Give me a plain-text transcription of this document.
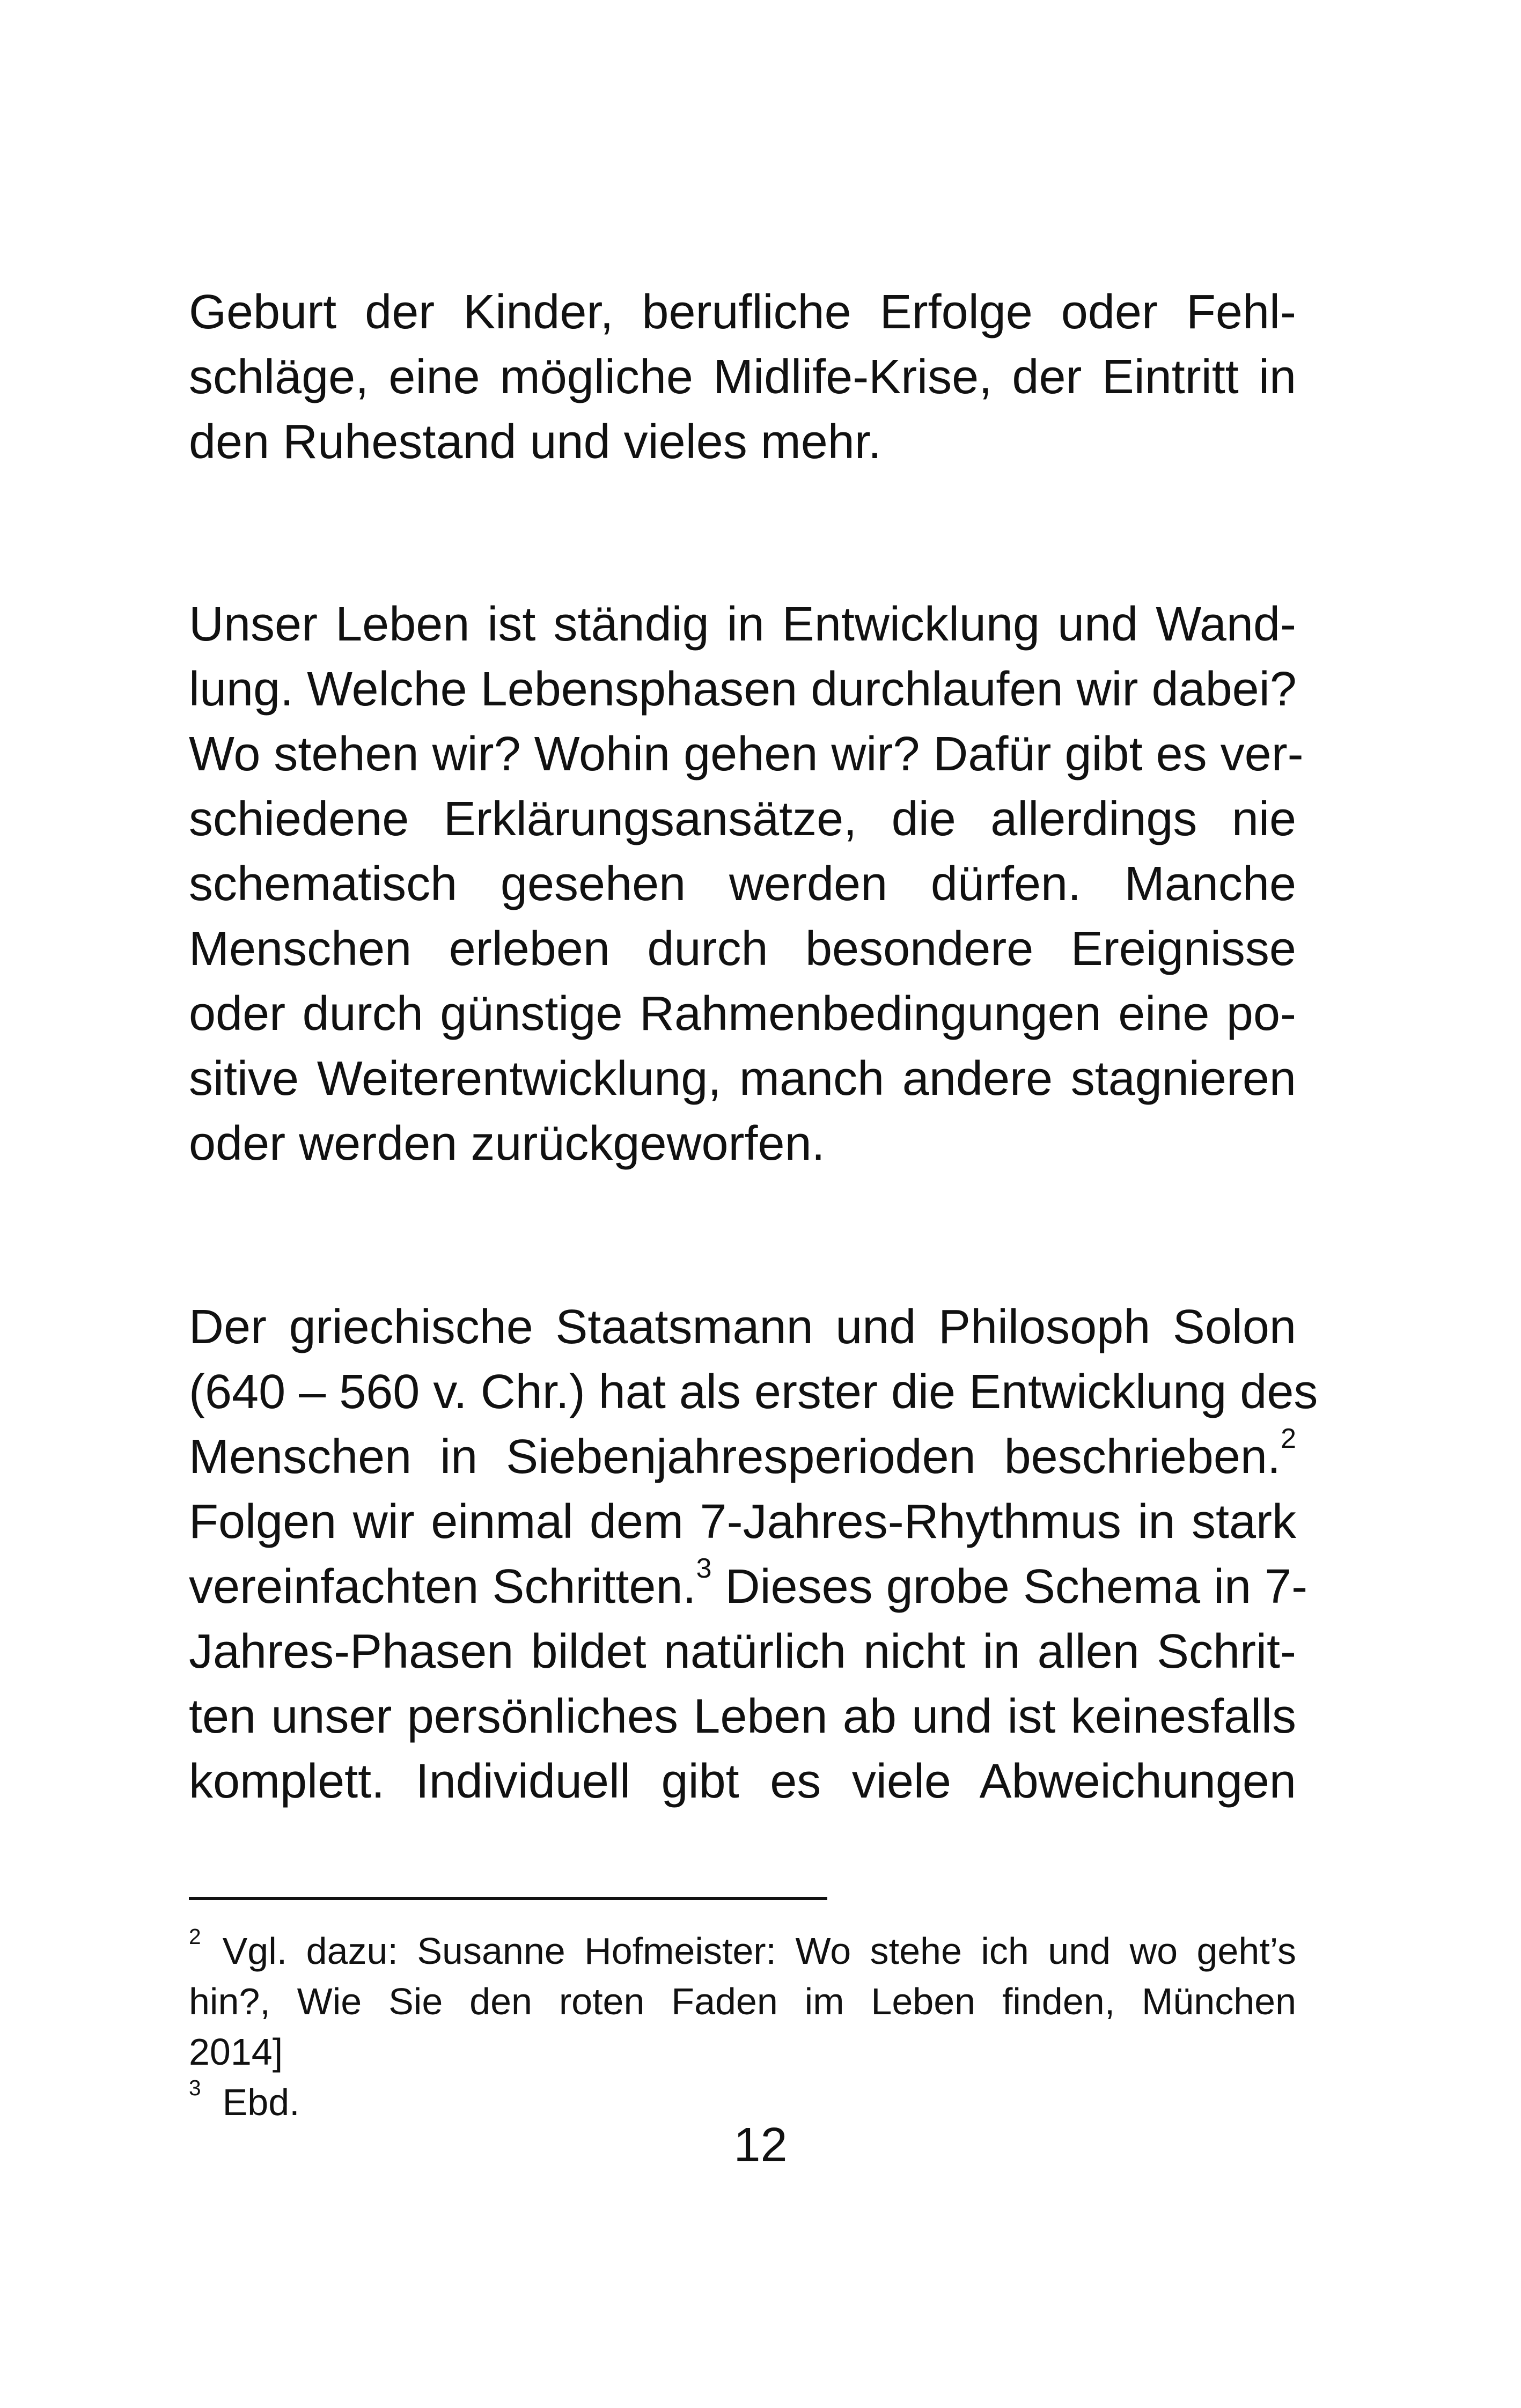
Geburt der Kinder, berufliche Erfolge oder Fehl-
schläge, eine mögliche Midlife-Krise, der Eintritt in
den Ruhestand und vieles mehr.

Unser Leben ist ständig in Entwicklung und Wand-
lung. Welche Lebensphasen durchlaufen wir dabei?
Wo stehen wir? Wohin gehen wir? Dafür gibt es ver-
schiedene Erklärungsansätze, die allerdings nie
schematisch gesehen werden dürfen. Manche
Menschen erleben durch besondere Ereignisse
oder durch günstige Rahmenbedingungen eine po-
sitive Weiterentwicklung, manch andere stagnieren
oder werden zurückgeworfen.

Der griechische Staatsmann und Philosoph Solon
(640 – 560 v. Chr.) hat als erster die Entwicklung des
Menschen in Siebenjahresperioden beschrieben.$^2$
Folgen wir einmal dem 7-Jahres-Rhythmus in stark
vereinfachten Schritten.$^3$ Dieses grobe Schema in 7-
Jahres-Phasen bildet natürlich nicht in allen Schrit-
ten unser persönliches Leben ab und ist keinesfalls
komplett. Individuell gibt es viele Abweichungen

$^2$ Vgl. dazu: Susanne Hofmeister: Wo stehe ich und wo geht’s
hin?, Wie Sie den roten Faden im Leben finden, München
2014]
$^3$ Ebd.
12
